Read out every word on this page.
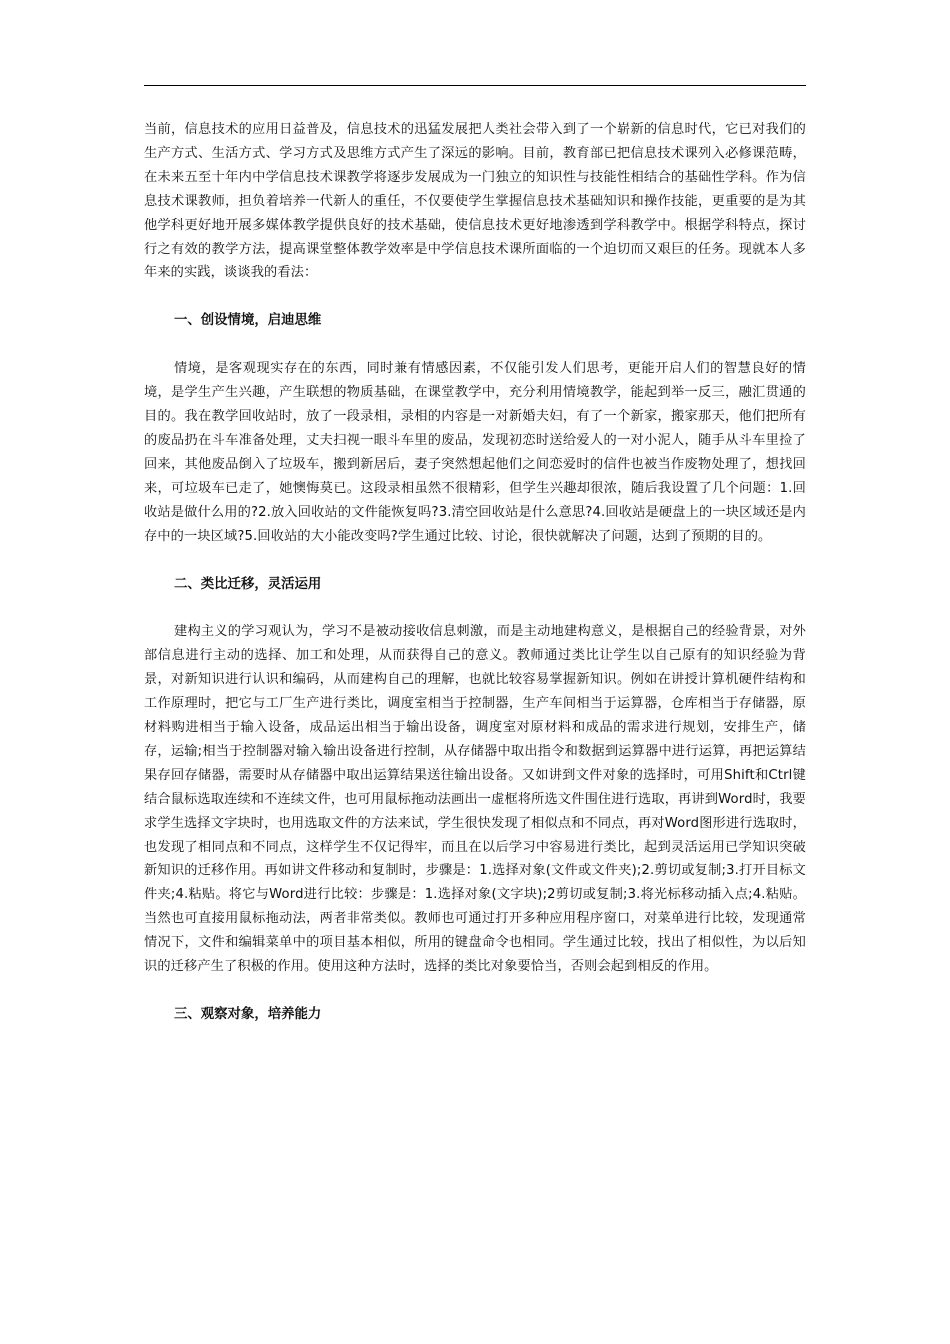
当前，信息技术的应用日益普及，信息技术的迅猛发展把人类社会带入到了一个崭新的信息时代，它已对我们的生产方式、生活方式、学习方式及思维方式产生了深远的影响。目前，教育部已把信息技术课列入必修课范畴，在未来五至十年内中学信息技术课教学将逐步发展成为一门独立的知识性与技能性相结合的基础性学科。作为信息技术课教师，担负着培养一代新人的重任，不仅要使学生掌握信息技术基础知识和操作技能，更重要的是为其他学科更好地开展多媒体教学提供良好的技术基础，使信息技术更好地渗透到学科教学中。根据学科特点，探讨行之有效的教学方法，提高课堂整体教学效率是中学信息技术课所面临的一个迫切而又艰巨的任务。现就本人多年来的实践，谈谈我的看法：

一、创设情境，启迪思维

情境，是客观现实存在的东西，同时兼有情感因素，不仅能引发人们思考，更能开启人们的智慧良好的情境，是学生产生兴趣，产生联想的物质基础，在课堂教学中，充分利用情境教学，能起到举一反三，融汇贯通的目的。我在教学回收站时，放了一段录相，录相的内容是一对新婚夫妇，有了一个新家，搬家那天，他们把所有的废品扔在斗车准备处理，丈夫扫视一眼斗车里的废品，发现初恋时送给爱人的一对小泥人，随手从斗车里捡了回来，其他废品倒入了垃圾车，搬到新居后，妻子突然想起他们之间恋爱时的信件也被当作废物处理了，想找回来，可垃圾车已走了，她懊悔莫已。这段录相虽然不很精彩，但学生兴趣却很浓，随后我设置了几个问题：1.回收站是做什么用的?2.放入回收站的文件能恢复吗?3.清空回收站是什么意思?4.回收站是硬盘上的一块区域还是内存中的一块区域?5.回收站的大小能改变吗?学生通过比较、讨论，很快就解决了问题，达到了预期的目的。

二、类比迁移，灵活运用

建构主义的学习观认为，学习不是被动接收信息刺激，而是主动地建构意义，是根据自己的经验背景，对外部信息进行主动的选择、加工和处理，从而获得自己的意义。教师通过类比让学生以自己原有的知识经验为背景，对新知识进行认识和编码，从而建构自己的理解，也就比较容易掌握新知识。例如在讲授计算机硬件结构和工作原理时，把它与工厂生产进行类比，调度室相当于控制器，生产车间相当于运算器，仓库相当于存储器，原材料购进相当于输入设备，成品运出相当于输出设备，调度室对原材料和成品的需求进行规划，安排生产，储存，运输;相当于控制器对输入输出设备进行控制，从存储器中取出指令和数据到运算器中进行运算，再把运算结果存回存储器，需要时从存储器中取出运算结果送往输出设备。又如讲到文件对象的选择时，可用Shift和Ctrl键结合鼠标选取连续和不连续文件，也可用鼠标拖动法画出一虚框将所选文件围住进行选取，再讲到Word时，我要求学生选择文字块时，也用选取文件的方法来试，学生很快发现了相似点和不同点，再对Word图形进行选取时，也发现了相同点和不同点，这样学生不仅记得牢，而且在以后学习中容易进行类比，起到灵活运用已学知识突破新知识的迁移作用。再如讲文件移动和复制时，步骤是：1.选择对象(文件或文件夹);2.剪切或复制;3.打开目标文件夹;4.粘贴。将它与Word进行比较：步骤是：1.选择对象(文字块);2剪切或复制;3.将光标移动插入点;4.粘贴。当然也可直接用鼠标拖动法，两者非常类似。教师也可通过打开多种应用程序窗口，对菜单进行比较，发现通常情况下，文件和编辑菜单中的项目基本相似，所用的键盘命令也相同。学生通过比较，找出了相似性，为以后知识的迁移产生了积极的作用。使用这种方法时，选择的类比对象要恰当，否则会起到相反的作用。

三、观察对象，培养能力
